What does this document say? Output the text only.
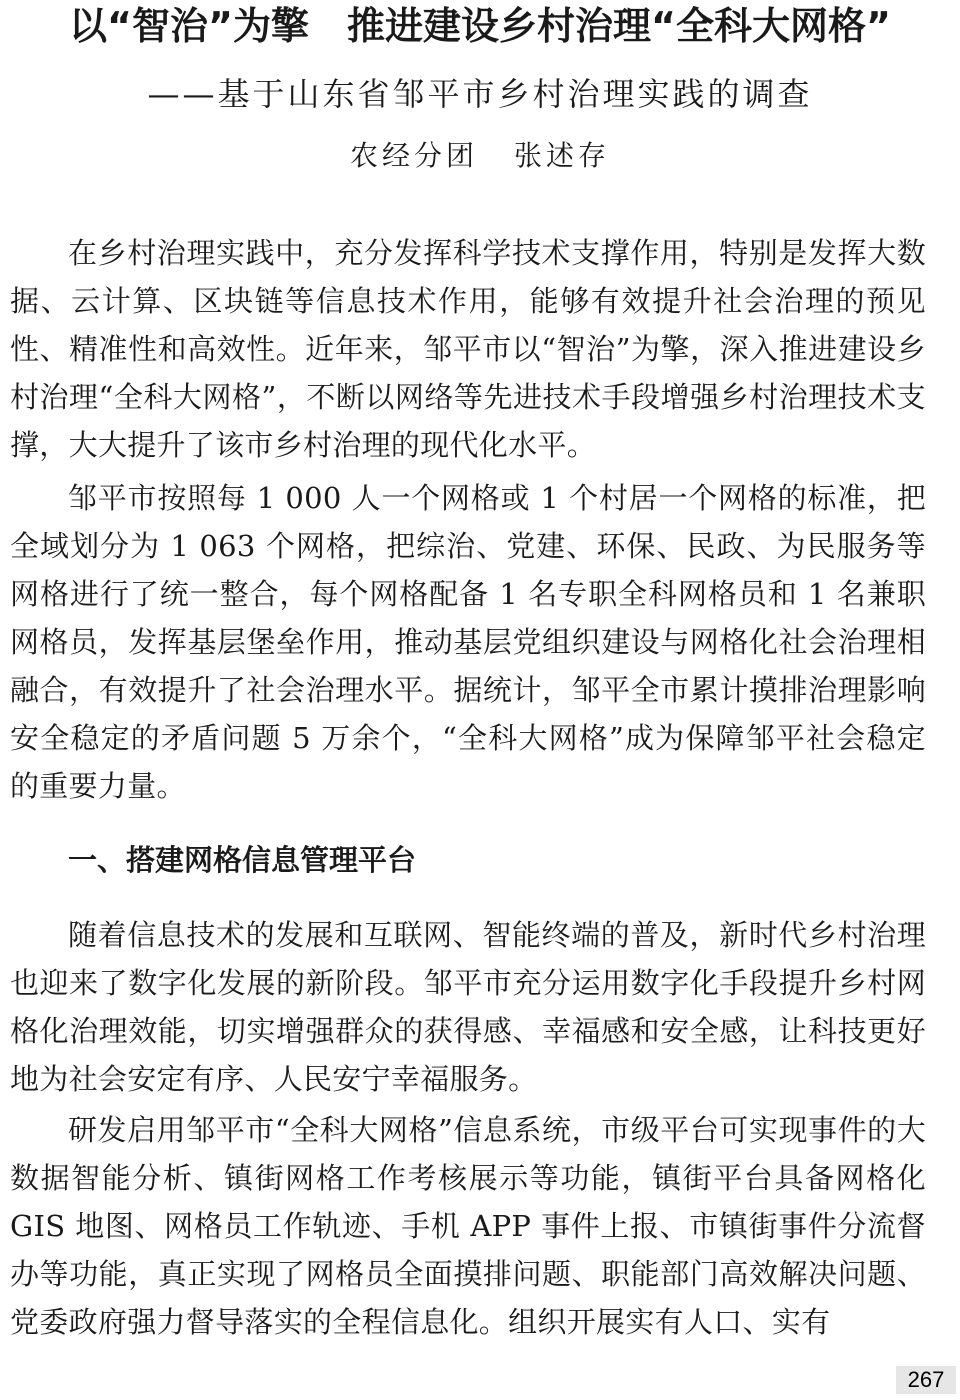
以“智治”为擎　推进建设乡村治理“全科大网格”
——基于山东省邹平市乡村治理实践的调查
农经分团 张述存

在乡村治理实践中，充分发挥科学技术支撑作用，特别是发挥大数据、云计算、区块链等信息技术作用，能够有效提升社会治理的预见性、精准性和高效性。近年来，邹平市以“智治”为擎，深入推进建设乡村治理“全科大网格”，不断以网络等先进技术手段增强乡村治理技术支撑，大大提升了该市乡村治理的现代化水平。

邹平市按照每 1 000 人一个网格或 1 个村居一个网格的标准，把全域划分为 1 063 个网格，把综治、党建、环保、民政、为民服务等网格进行了统一整合，每个网格配备 1 名专职全科网格员和 1 名兼职网格员，发挥基层堡垒作用，推动基层党组织建设与网格化社会治理相融合，有效提升了社会治理水平。据统计，邹平全市累计摸排治理影响安全稳定的矛盾问题 5 万余个，“全科大网格”成为保障邹平社会稳定的重要力量。

一、搭建网格信息管理平台

随着信息技术的发展和互联网、智能终端的普及，新时代乡村治理也迎来了数字化发展的新阶段。邹平市充分运用数字化手段提升乡村网格化治理效能，切实增强群众的获得感、幸福感和安全感，让科技更好地为社会安定有序、人民安宁幸福服务。

研发启用邹平市“全科大网格”信息系统，市级平台可实现事件的大数据智能分析、镇街网格工作考核展示等功能，镇街平台具备网格化 GIS 地图、网格员工作轨迹、手机 APP 事件上报、市镇街事件分流督办等功能，真正实现了网格员全面摸排问题、职能部门高效解决问题、党委政府强力督导落实的全程信息化。组织开展实有人口、实有

267
